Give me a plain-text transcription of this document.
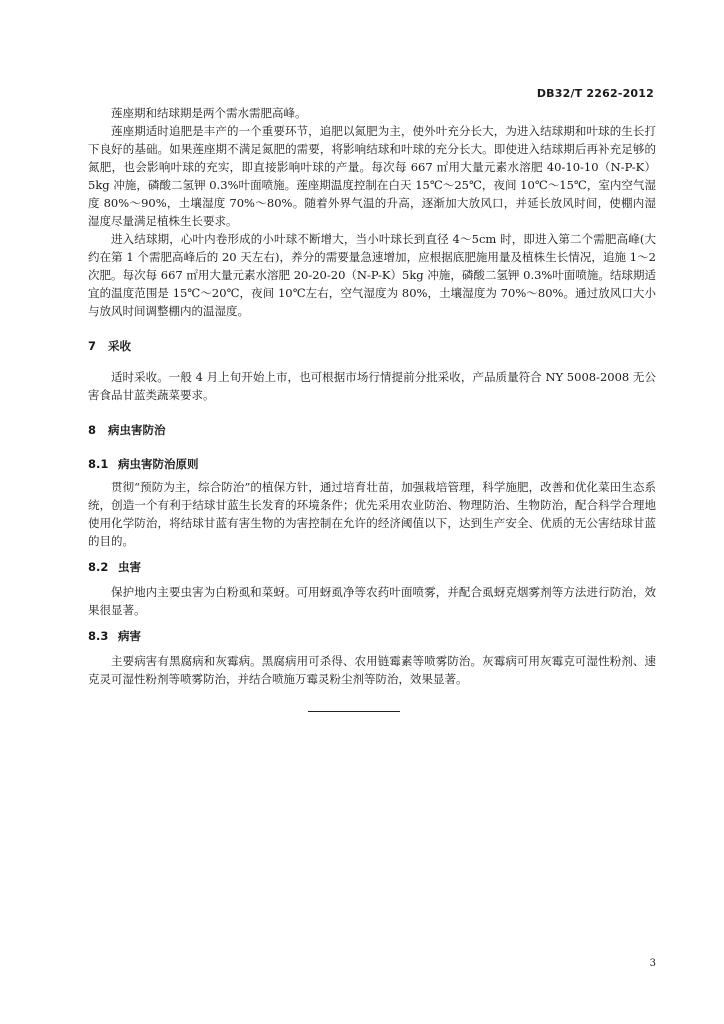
DB32/T 2262-2012

莲座期和结球期是两个需水需肥高峰。

莲座期适时追肥是丰产的一个重要环节，追肥以氮肥为主，使外叶充分长大，为进入结球期和叶球的生长打下良好的基础。如果莲座期不满足氮肥的需要，将影响结球和叶球的充分长大。即使进入结球期后再补充足够的氮肥，也会影响叶球的充实，即直接影响叶球的产量。每次每 667 ㎡用大量元素水溶肥 40-10-10（N-P-K）5kg 冲施，磷酸二氢钾 0.3%叶面喷施。莲座期温度控制在白天 15℃～25℃，夜间 10℃～15℃，室内空气湿度 80%～90%，土壤湿度 70%～80%。随着外界气温的升高，逐渐加大放风口，并延长放风时间，使棚内湿湿度尽量满足植株生长要求。

进入结球期，心叶内卷形成的小叶球不断增大，当小叶球长到直径 4～5cm 时，即进入第二个需肥高峰(大约在第 1 个需肥高峰后的 20 天左右)，养分的需要量急速增加，应根据底肥施用量及植株生长情况，追施 1～2 次肥。每次每 667 ㎡用大量元素水溶肥 20-20-20（N-P-K）5kg 冲施，磷酸二氢钾 0.3%叶面喷施。结球期适宜的温度范围是 15℃～20℃，夜间 10℃左右，空气湿度为 80%，土壤湿度为 70%～80%。通过放风口大小与放风时间调整棚内的温湿度。

7 采收

适时采收。一般 4 月上旬开始上市，也可根据市场行情提前分批采收，产品质量符合 NY 5008-2008 无公害食品甘蓝类蔬菜要求。

8 病虫害防治
8.1 病虫害防治原则

贯彻“预防为主，综合防治”的植保方针，通过培育壮苗，加强栽培管理，科学施肥，改善和优化菜田生态系统，创造一个有利于结球甘蓝生长发育的环境条件；优先采用农业防治、物理防治、生物防治，配合科学合理地使用化学防治，将结球甘蓝有害生物的为害控制在允许的经济阈值以下，达到生产安全、优质的无公害结球甘蓝的目的。

8.2 虫害

保护地内主要虫害为白粉虱和菜蚜。可用蚜虱净等农药叶面喷雾，并配合虱蚜克烟雾剂等方法进行防治，效果很显著。

8.3 病害

主要病害有黑腐病和灰霉病。黑腐病用可杀得、农用链霉素等喷雾防治。灰霉病可用灰霉克可湿性粉剂、速克灵可湿性粉剂等喷雾防治，并结合喷施万霉灵粉尘剂等防治，效果显著。

3
